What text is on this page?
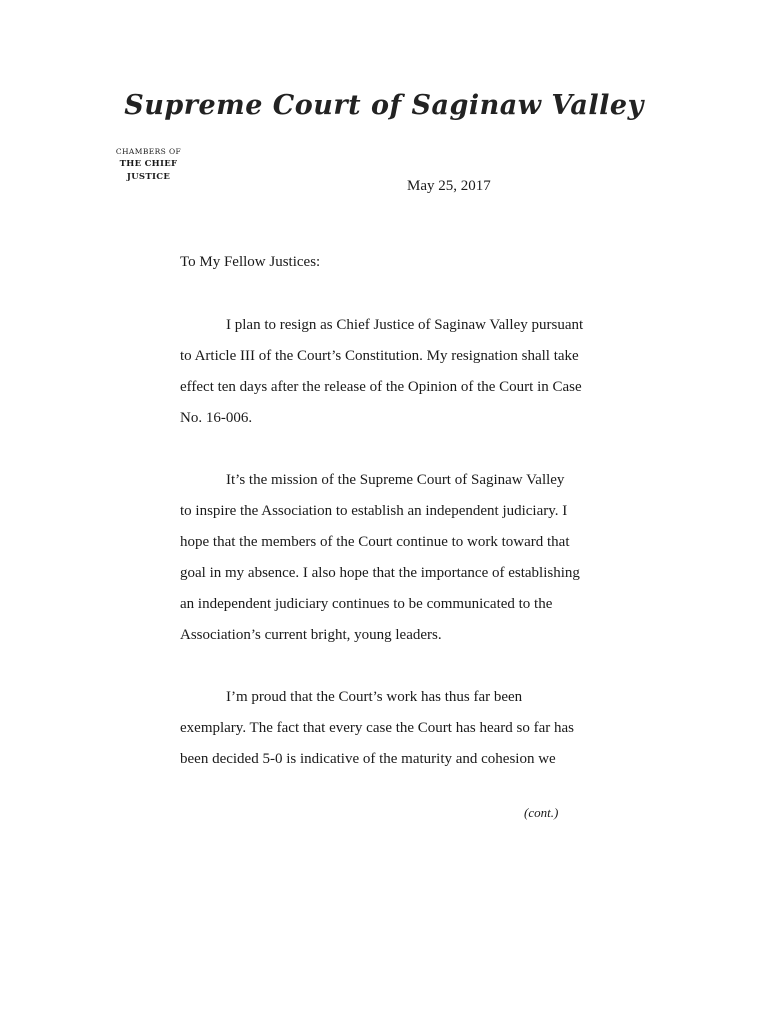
Supreme Court of Saginaw Valley
CHAMBERS OF
THE CHIEF JUSTICE
May 25, 2017
To My Fellow Justices:
I plan to resign as Chief Justice of Saginaw Valley pursuant
to Article III of the Court’s Constitution. My resignation shall take
effect ten days after the release of the Opinion of the Court in Case
No. 16-006.
It’s the mission of the Supreme Court of Saginaw Valley
to inspire the Association to establish an independent judiciary. I
hope that the members of the Court continue to work toward that
goal in my absence. I also hope that the importance of establishing
an independent judiciary continues to be communicated to the
Association’s current bright, young leaders.
I’m proud that the Court’s work has thus far been
exemplary. The fact that every case the Court has heard so far has
been decided 5-0 is indicative of the maturity and cohesion we
(cont.)
